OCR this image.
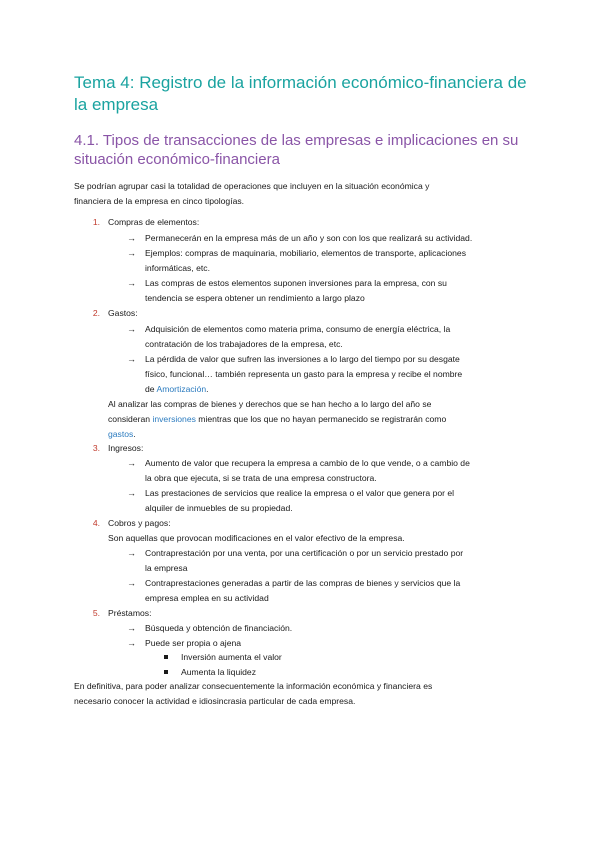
Tema 4: Registro de la información económico-financiera de
la empresa
4.1. Tipos de transacciones de las empresas e implicaciones en su
situación económico-financiera
Se podrían agrupar casi la totalidad de operaciones que incluyen en la situación económica y
financiera de la empresa en cinco tipologías.
1. Compras de elementos:
→ Permanecerán en la empresa más de un año y son con los que realizará su actividad.
→ Ejemplos: compras de maquinaria, mobiliario, elementos de transporte, aplicaciones
informáticas, etc.
→ Las compras de estos elementos suponen inversiones para la empresa, con su
tendencia se espera obtener un rendimiento a largo plazo
2. Gastos:
→ Adquisición de elementos como materia prima, consumo de energía eléctrica, la
contratación de los trabajadores de la empresa, etc.
→ La pérdida de valor que sufren las inversiones a lo largo del tiempo por su desgate
físico, funcional… también representa un gasto para la empresa y recibe el nombre
de Amortización.
Al analizar las compras de bienes y derechos que se han hecho a lo largo del año se
consideran inversiones mientras que los que no hayan permanecido se registrarán como
gastos.
3. Ingresos:
→ Aumento de valor que recupera la empresa a cambio de lo que vende, o a cambio de
la obra que ejecuta, si se trata de una empresa constructora.
→ Las prestaciones de servicios que realice la empresa o el valor que genera por el
alquiler de inmuebles de su propiedad.
4. Cobros y pagos:
Son aquellas que provocan modificaciones en el valor efectivo de la empresa.
→ Contraprestación por una venta, por una certificación o por un servicio prestado por
la empresa
→ Contraprestaciones generadas a partir de las compras de bienes y servicios que la
empresa emplea en su actividad
5. Préstamos:
→ Búsqueda y obtención de financiación.
→ Puede ser propia o ajena
Inversión aumenta el valor
Aumenta la liquidez
En definitiva, para poder analizar consecuentemente la información económica y financiera es
necesario conocer la actividad e idiosincrasia particular de cada empresa.
